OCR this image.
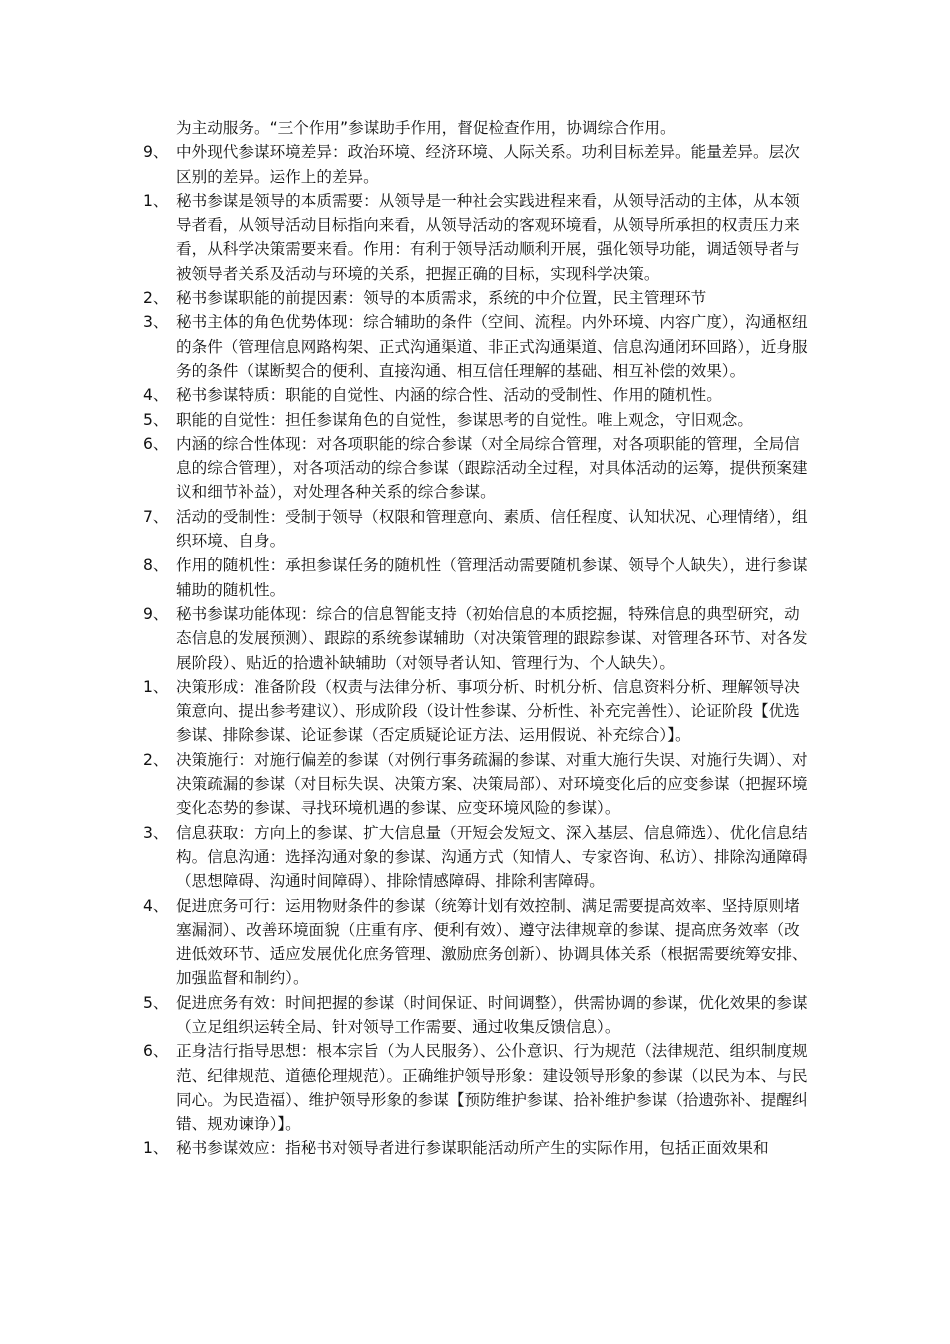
为主动服务。“三个作用”参谋助手作用，督促检查作用，协调综合作用。
9、 中外现代参谋环境差异：政治环境、经济环境、人际关系。功利目标差异。能量差异。层次区别的差异。运作上的差异。
1、 秘书参谋是领导的本质需要：从领导是一种社会实践进程来看，从领导活动的主体，从本领导者看，从领导活动目标指向来看，从领导活动的客观环境看，从领导所承担的权责压力来看，从科学决策需要来看。作用：有利于领导活动顺利开展，强化领导功能，调适领导者与被领导者关系及活动与环境的关系，把握正确的目标，实现科学决策。
2、 秘书参谋职能的前提因素：领导的本质需求，系统的中介位置，民主管理环节
3、 秘书主体的角色优势体现：综合辅助的条件（空间、流程。内外环境、内容广度），沟通枢纽的条件（管理信息网路构架、正式沟通渠道、非正式沟通渠道、信息沟通闭环回路），近身服务的条件（谋断契合的便利、直接沟通、相互信任理解的基础、相互补偿的效果）。
4、 秘书参谋特质：职能的自觉性、内涵的综合性、活动的受制性、作用的随机性。
5、 职能的自觉性：担任参谋角色的自觉性，参谋思考的自觉性。唯上观念，守旧观念。
6、 内涵的综合性体现：对各项职能的综合参谋（对全局综合管理，对各项职能的管理，全局信息的综合管理），对各项活动的综合参谋（跟踪活动全过程，对具体活动的运筹，提供预案建议和细节补益），对处理各种关系的综合参谋。
7、 活动的受制性：受制于领导（权限和管理意向、素质、信任程度、认知状况、心理情绪），组织环境、自身。
8、 作用的随机性：承担参谋任务的随机性（管理活动需要随机参谋、领导个人缺失），进行参谋辅助的随机性。
9、 秘书参谋功能体现：综合的信息智能支持（初始信息的本质挖掘，特殊信息的典型研究，动态信息的发展预测）、跟踪的系统参谋辅助（对决策管理的跟踪参谋、对管理各环节、对各发展阶段）、贴近的拾遗补缺辅助（对领导者认知、管理行为、个人缺失）。
1、 决策形成：准备阶段（权责与法律分析、事项分析、时机分析、信息资料分析、理解领导决策意向、提出参考建议）、形成阶段（设计性参谋、分析性、补充完善性）、论证阶段【优选参谋、排除参谋、论证参谋（否定质疑论证方法、运用假说、补充综合）】。
2、 决策施行：对施行偏差的参谋（对例行事务疏漏的参谋、对重大施行失误、对施行失调）、对决策疏漏的参谋（对目标失误、决策方案、决策局部）、对环境变化后的应变参谋（把握环境变化态势的参谋、寻找环境机遇的参谋、应变环境风险的参谋）。
3、 信息获取：方向上的参谋、扩大信息量（开短会发短文、深入基层、信息筛选）、优化信息结构。信息沟通：选择沟通对象的参谋、沟通方式（知情人、专家咨询、私访）、排除沟通障碍（思想障碍、沟通时间障碍）、排除情感障碍、排除利害障碍。
4、 促进庶务可行：运用物财条件的参谋（统筹计划有效控制、满足需要提高效率、坚持原则堵塞漏洞）、改善环境面貌（庄重有序、便利有效）、遵守法律规章的参谋、提高庶务效率（改进低效环节、适应发展优化庶务管理、激励庶务创新）、协调具体关系（根据需要统筹安排、加强监督和制约）。
5、 促进庶务有效：时间把握的参谋（时间保证、时间调整），供需协调的参谋，优化效果的参谋（立足组织运转全局、针对领导工作需要、通过收集反馈信息）。
6、 正身洁行指导思想：根本宗旨（为人民服务）、公仆意识、行为规范（法律规范、组织制度规范、纪律规范、道德伦理规范）。正确维护领导形象：建设领导形象的参谋（以民为本、与民同心。为民造福）、维护领导形象的参谋【预防维护参谋、拾补维护参谋（拾遗弥补、提醒纠错、规劝谏诤）】。
1、 秘书参谋效应：指秘书对领导者进行参谋职能活动所产生的实际作用，包括正面效果和
